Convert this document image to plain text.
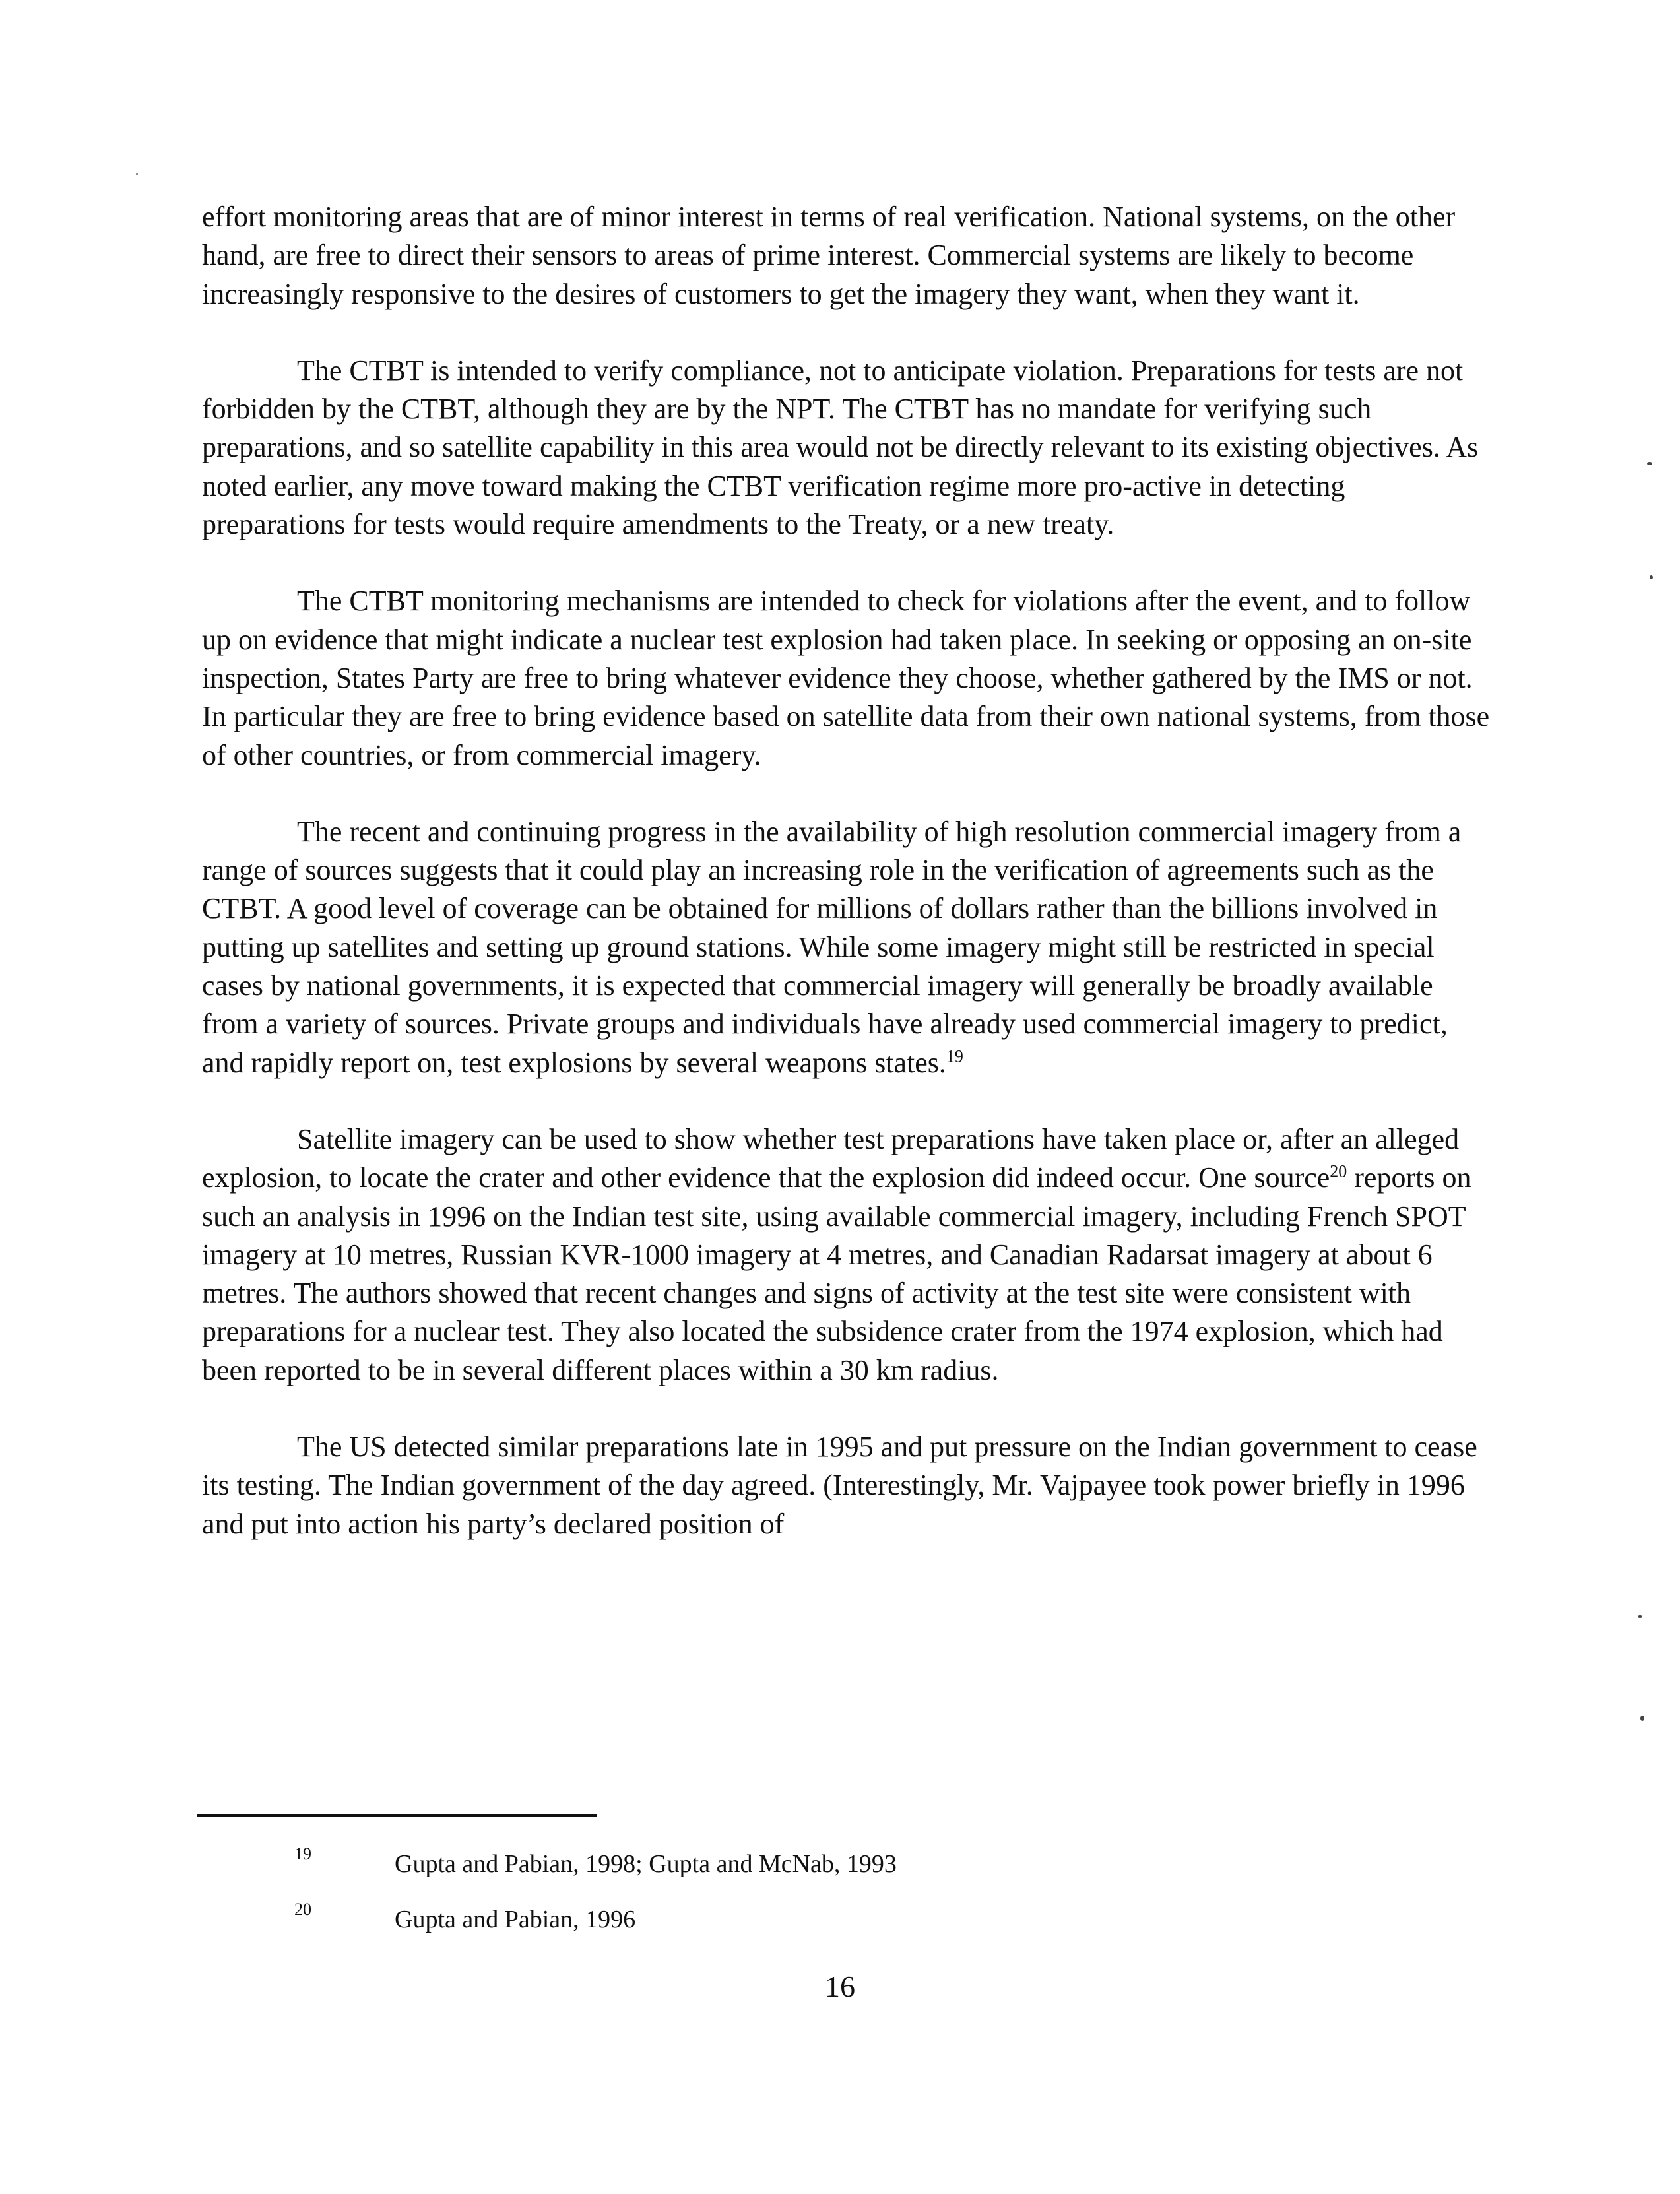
effort monitoring areas that are of minor interest in terms of real verification. National systems, on the other hand, are free to direct their sensors to areas of prime interest. Commercial systems are likely to become increasingly responsive to the desires of customers to get the imagery they want, when they want it.

The CTBT is intended to verify compliance, not to anticipate violation. Preparations for tests are not forbidden by the CTBT, although they are by the NPT. The CTBT has no mandate for verifying such preparations, and so satellite capability in this area would not be directly relevant to its existing objectives. As noted earlier, any move toward making the CTBT verification regime more pro-active in detecting preparations for tests would require amendments to the Treaty, or a new treaty.

The CTBT monitoring mechanisms are intended to check for violations after the event, and to follow up on evidence that might indicate a nuclear test explosion had taken place. In seeking or opposing an on-site inspection, States Party are free to bring whatever evidence they choose, whether gathered by the IMS or not. In particular they are free to bring evidence based on satellite data from their own national systems, from those of other countries, or from commercial imagery.

The recent and continuing progress in the availability of high resolution commercial imagery from a range of sources suggests that it could play an increasing role in the verification of agreements such as the CTBT. A good level of coverage can be obtained for millions of dollars rather than the billions involved in putting up satellites and setting up ground stations. While some imagery might still be restricted in special cases by national governments, it is expected that commercial imagery will generally be broadly available from a variety of sources. Private groups and individuals have already used commercial imagery to predict, and rapidly report on, test explosions by several weapons states.$^{19}$

Satellite imagery can be used to show whether test preparations have taken place or, after an alleged explosion, to locate the crater and other evidence that the explosion did indeed occur. One source$^{20}$ reports on such an analysis in 1996 on the Indian test site, using available commercial imagery, including French SPOT imagery at 10 metres, Russian KVR-1000 imagery at 4 metres, and Canadian Radarsat imagery at about 6 metres. The authors showed that recent changes and signs of activity at the test site were consistent with preparations for a nuclear test. They also located the subsidence crater from the 1974 explosion, which had been reported to be in several different places within a 30 km radius.

The US detected similar preparations late in 1995 and put pressure on the Indian government to cease its testing. The Indian government of the day agreed. (Interestingly, Mr. Vajpayee took power briefly in 1996 and put into action his party’s declared position of

19	Gupta and Pabian, 1998; Gupta and McNab, 1993
20	Gupta and Pabian, 1996
16
